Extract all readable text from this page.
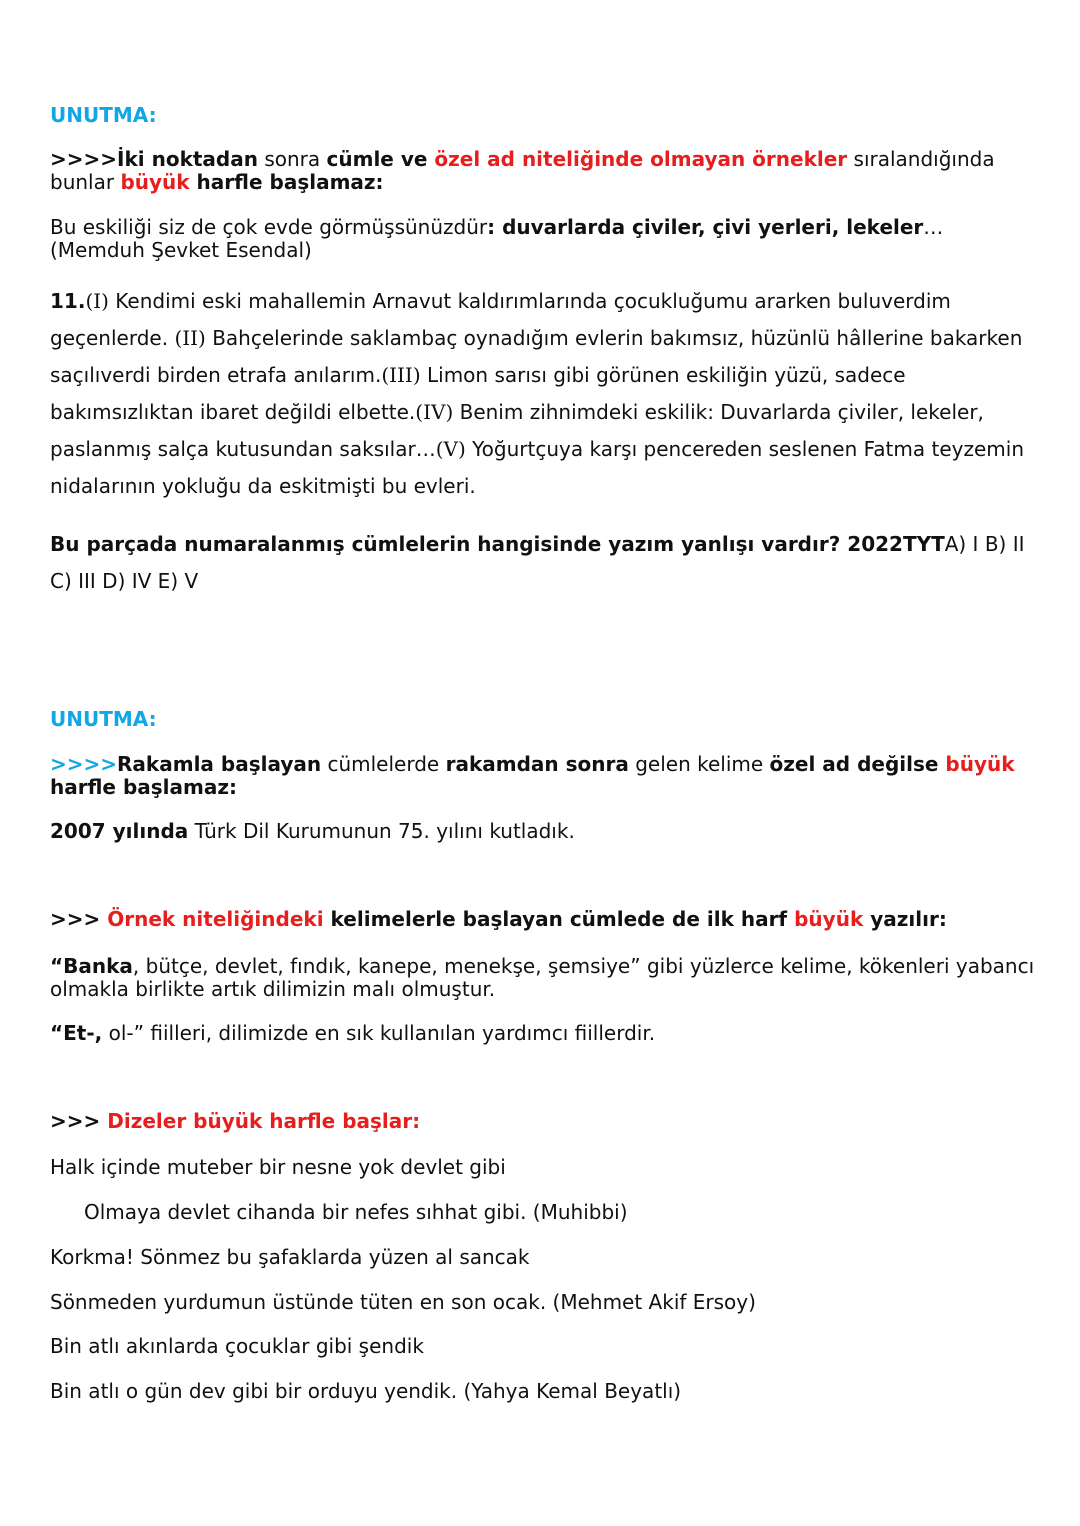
UNUTMA:

>>>>İki noktadan sonra cümle ve özel ad niteliğinde olmayan örnekler sıralandığında bunlar büyük harfle başlamaz:

Bu eskiliği siz de çok evde görmüşsünüzdür: duvarlarda çiviler, çivi yerleri, lekeler… (Memduh Şevket Esendal)

11.(I) Kendimi eski mahallemin Arnavut kaldırımlarında çocukluğumu ararken buluverdim geçenlerde. (II) Bahçelerinde saklambaç oynadığım evlerin bakımsız, hüzünlü hâllerine bakarken saçılıverdi birden etrafa anılarım.(III) Limon sarısı gibi görünen eskiliğin yüzü, sadece bakımsızlıktan ibaret değildi elbette.(IV) Benim zihnimdeki eskilik: Duvarlarda çiviler, lekeler, paslanmış salça kutusundan saksılar…(V) Yoğurtçuya karşı pencereden seslenen Fatma teyzemin nidalarının yokluğu da eskitmişti bu evleri.

Bu parçada numaralanmış cümlelerin hangisinde yazım yanlışı vardır? 2022TYTA) I B) II
C) III D) IV E) V

UNUTMA:

>>>>Rakamla başlayan cümlelerde rakamdan sonra gelen kelime özel ad değilse büyük
harfle başlamaz:

2007 yılında Türk Dil Kurumunun 75. yılını kutladık.

>>> Örnek niteliğindeki kelimelerle başlayan cümlede de ilk harf büyük yazılır:

“Banka, bütçe, devlet, fındık, kanepe, menekşe, şemsiye” gibi yüzlerce kelime, kökenleri yabancı olmakla birlikte artık dilimizin malı olmuştur.

“Et-, ol-” fiilleri, dilimizde en sık kullanılan yardımcı fiillerdir.

>>> Dizeler büyük harfle başlar:

Halk içinde muteber bir nesne yok devlet gibi

Olmaya devlet cihanda bir nefes sıhhat gibi. (Muhibbi)

Korkma! Sönmez bu şafaklarda yüzen al sancak

Sönmeden yurdumun üstünde tüten en son ocak. (Mehmet Akif Ersoy)

Bin atlı akınlarda çocuklar gibi şendik

Bin atlı o gün dev gibi bir orduyu yendik. (Yahya Kemal Beyatlı)
